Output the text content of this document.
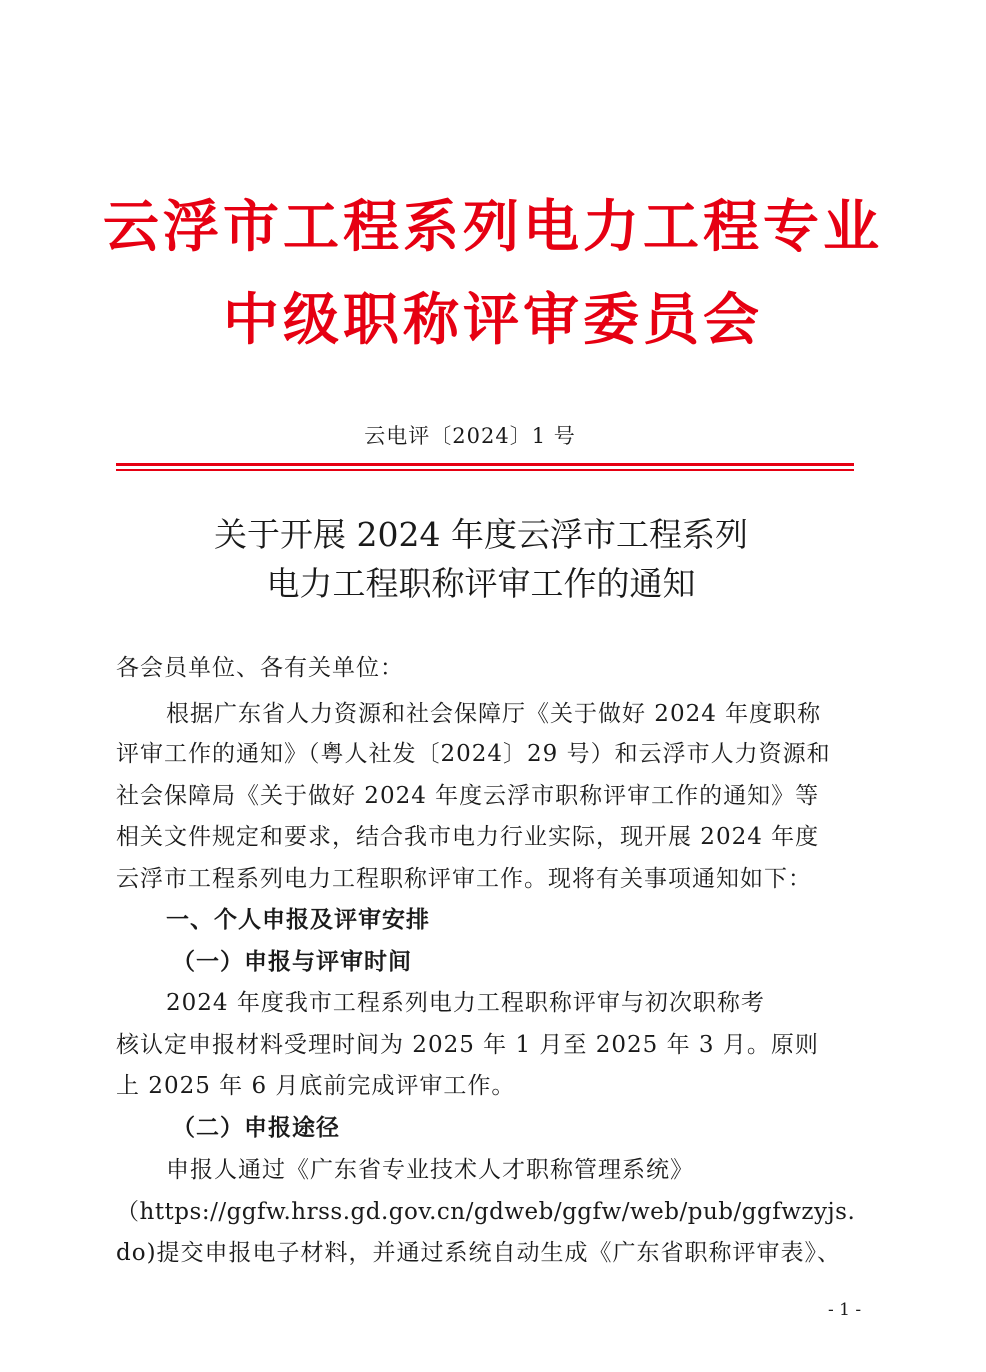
云浮市工程系列电力工程专业
中级职称评审委员会
云电评〔2024〕1 号
关于开展 2024 年度云浮市工程系列
电力工程职称评审工作的通知
各会员单位、各有关单位：
根据广东省人力资源和社会保障厅《关于做好 2024 年度职称
评审工作的通知》（粤人社发〔2024〕29 号）和云浮市人力资源和
社会保障局《关于做好 2024 年度云浮市职称评审工作的通知》等
相关文件规定和要求，结合我市电力行业实际，现开展 2024 年度
云浮市工程系列电力工程职称评审工作。现将有关事项通知如下：
一、个人申报及评审安排
（一）申报与评审时间
2024 年度我市工程系列电力工程职称评审与初次职称考
核认定申报材料受理时间为 2025 年 1 月至 2025 年 3 月。原则
上 2025 年 6 月底前完成评审工作。
（二）申报途径
申报人通过《广东省专业技术人才职称管理系统》
（https://ggfw.hrss.gd.gov.cn/gdweb/ggfw/web/pub/ggfwzyjs.
do)提交申报电子材料，并通过系统自动生成《广东省职称评审表》、
- 1 -
